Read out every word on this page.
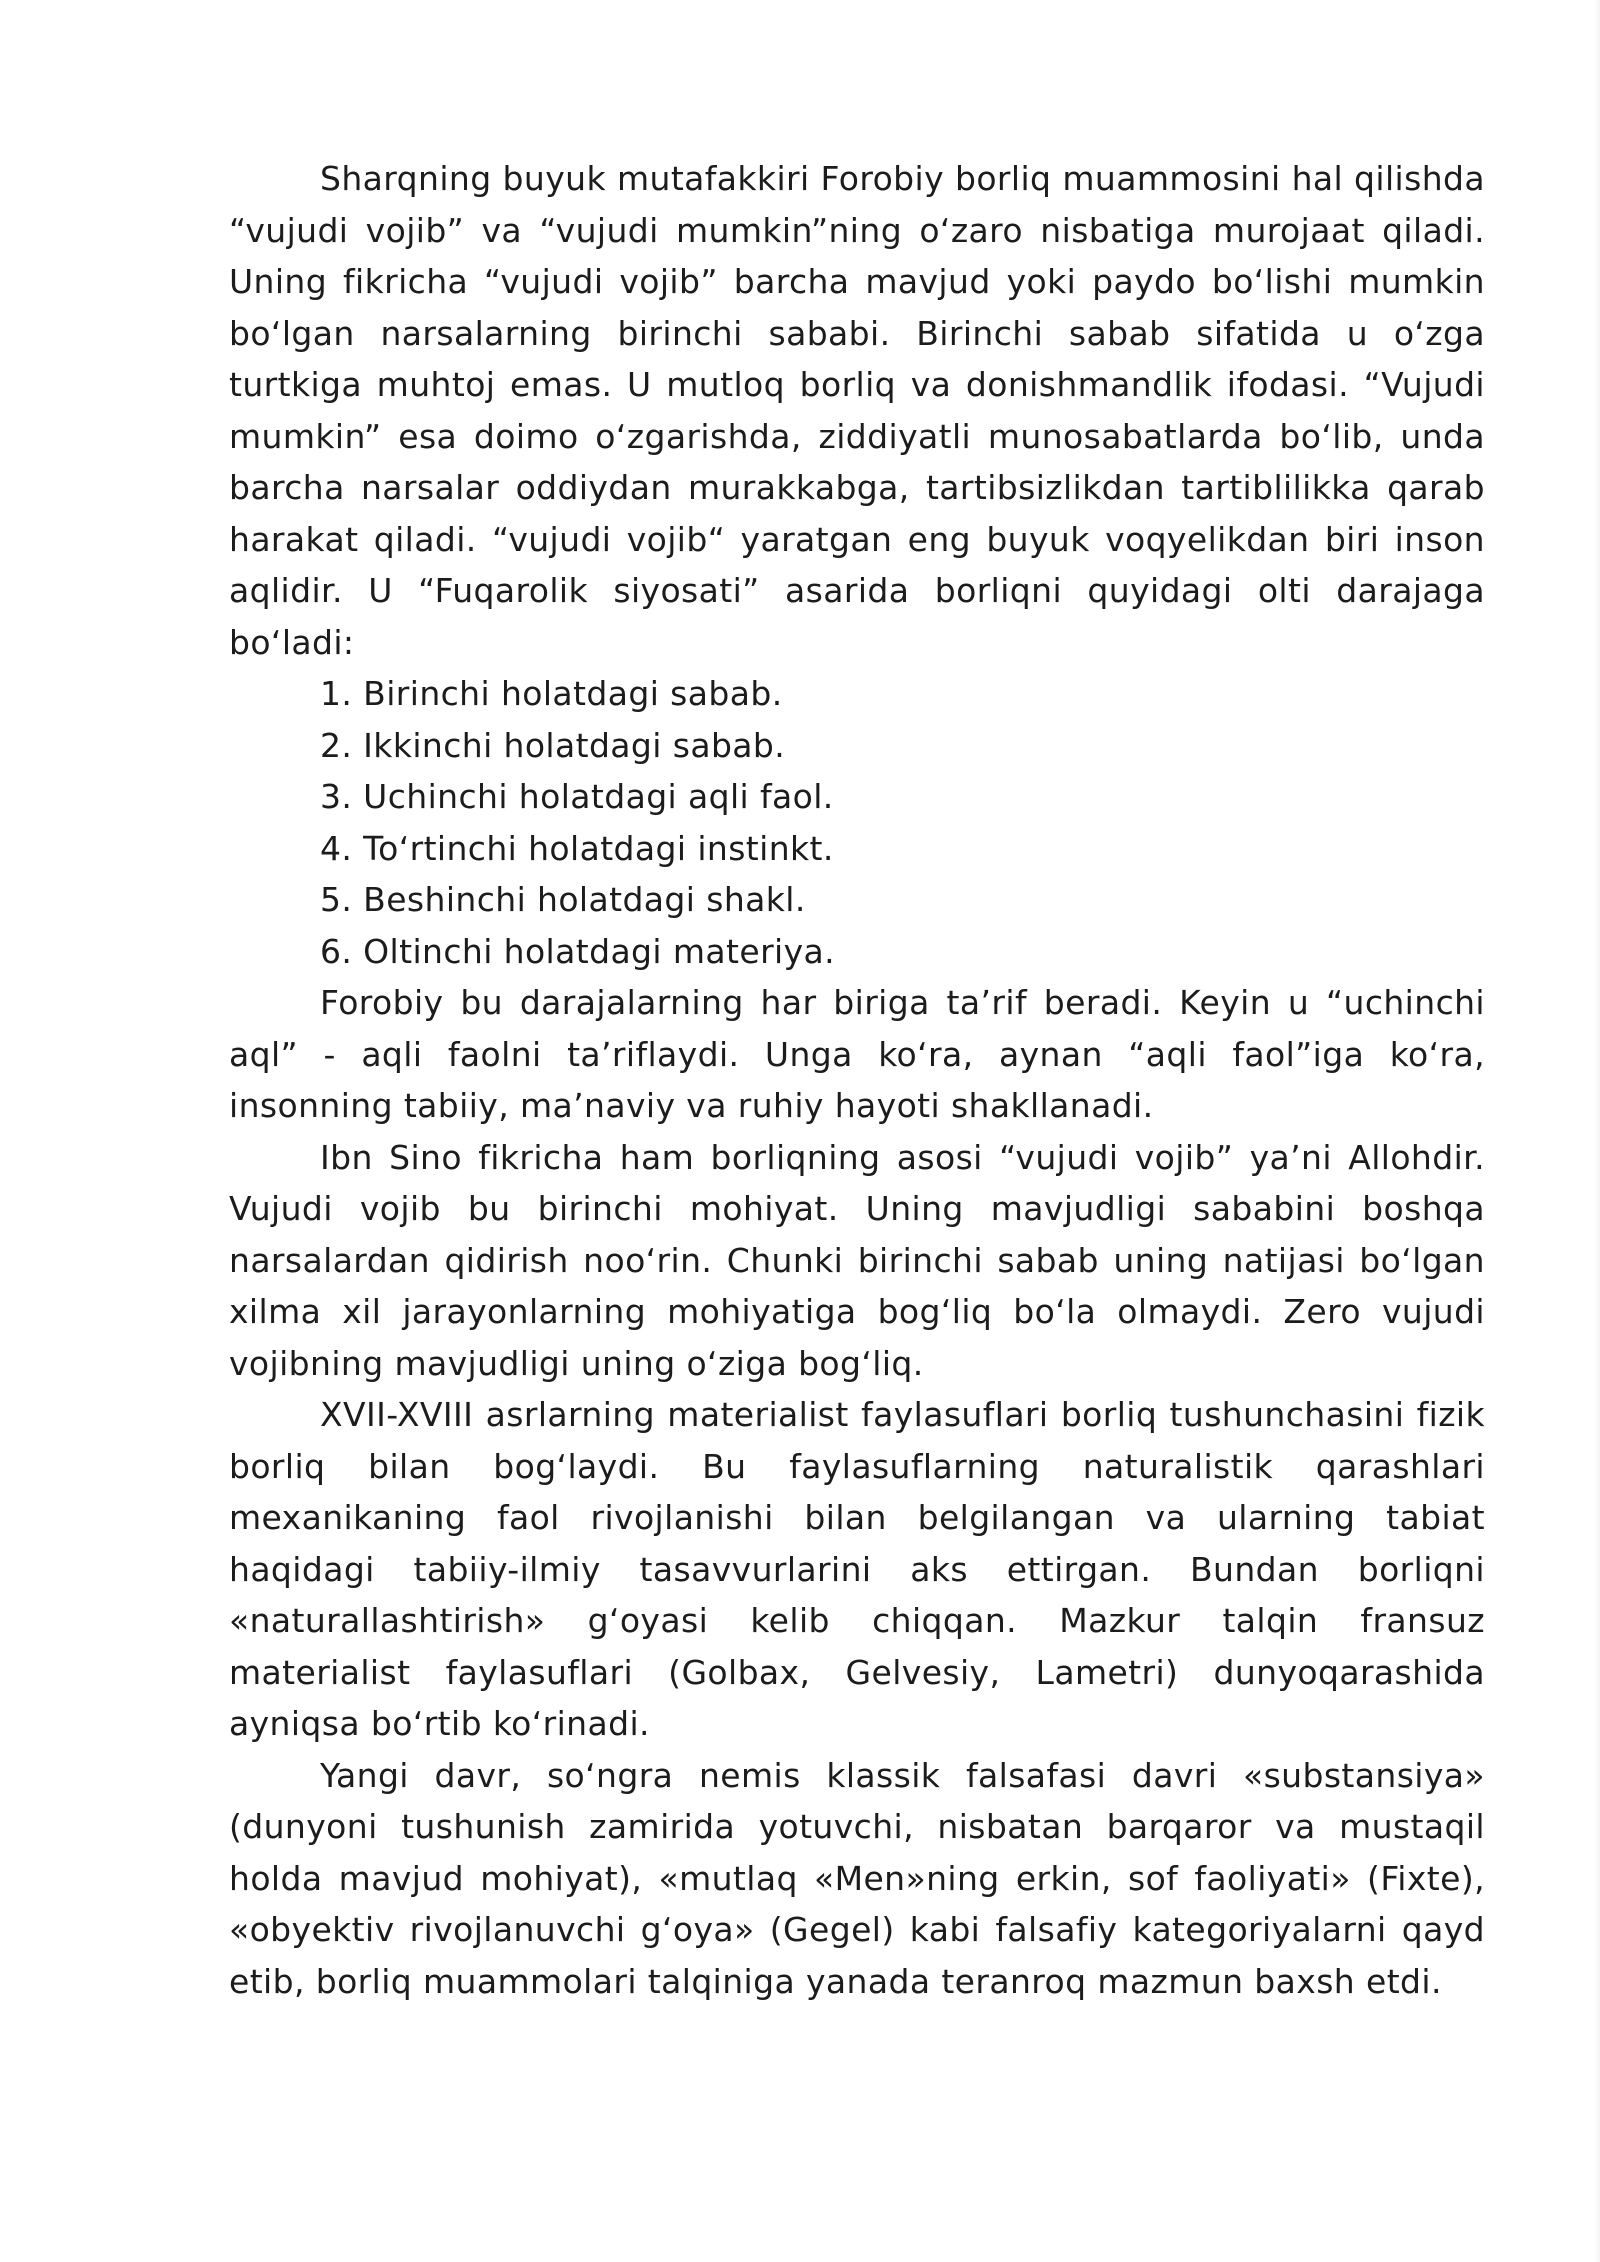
Sharqning buyuk mutafakkiri Forobiy borliq muammosini hal qilishda “vujudi vojib” va “vujudi mumkin”ning oʻzaro nisbatiga murojaat qiladi. Uning fikricha “vujudi vojib” barcha mavjud yoki paydo boʻlishi mumkin boʻlgan narsalarning birinchi sababi. Birinchi sabab sifatida u oʻzga turtkiga muhtoj emas. U mutloq borliq va donishmandlik ifodasi. “Vujudi mumkin” esa doimo oʻzgarishda, ziddiyatli munosabatlarda boʻlib, unda barcha narsalar oddiydan murakkabga, tartibsizlikdan tartiblilikka qarab harakat qiladi. “vujudi vojib“ yaratgan eng buyuk voqyelikdan biri inson aqlidir. U “Fuqarolik siyosati” asarida borliqni quyidagi olti darajaga boʻladi:

1. Birinchi holatdagi sabab.
2. Ikkinchi holatdagi sabab.
3. Uchinchi holatdagi aqli faol.
4. Toʻrtinchi holatdagi instinkt.
5. Beshinchi holatdagi shakl.
6. Oltinchi holatdagi materiya.

Forobiy bu darajalarning har biriga taʼrif beradi. Keyin u “uchinchi aql” - aqli faolni taʼriflaydi. Unga koʻra, aynan “aqli faol”iga koʻra, insonning tabiiy, maʼnaviy va ruhiy hayoti shakllanadi.

Ibn Sino fikricha ham borliqning asosi “vujudi vojib” yaʼni Allohdir. Vujudi vojib bu birinchi mohiyat. Uning mavjudligi sababini boshqa narsalardan qidirish nooʻrin. Chunki birinchi sabab uning natijasi boʻlgan xilma xil jarayonlarning mohiyatiga bogʻliq boʻla olmaydi. Zero vujudi vojibning mavjudligi uning oʻziga bogʻliq.

XVII-XVIII asrlarning materialist faylasuflari borliq tushunchasini fizik borliq bilan bogʻlaydi. Bu faylasuflarning naturalistik qarashlari mexanikaning faol rivojlanishi bilan belgilangan va ularning tabiat haqidagi tabiiy-ilmiy tasavvurlarini aks ettirgan. Bundan borliqni «naturallashtirish» gʻoyasi kelib chiqqan. Mazkur talqin fransuz materialist faylasuflari (Golbax, Gelvesiy, Lametri) dunyoqarashida ayniqsa boʻrtib koʻrinadi.

Yangi davr, soʻngra nemis klassik falsafasi davri «substansiya» (dunyoni tushunish zamirida yotuvchi, nisbatan barqaror va mustaqil holda mavjud mohiyat), «mutlaq «Men»ning erkin, sof faoliyati» (Fixte), «obyektiv rivojlanuvchi gʻoya» (Gegel) kabi falsafiy kategoriyalarni qayd etib, borliq muammolari talqiniga yanada teranroq mazmun baxsh etdi.
